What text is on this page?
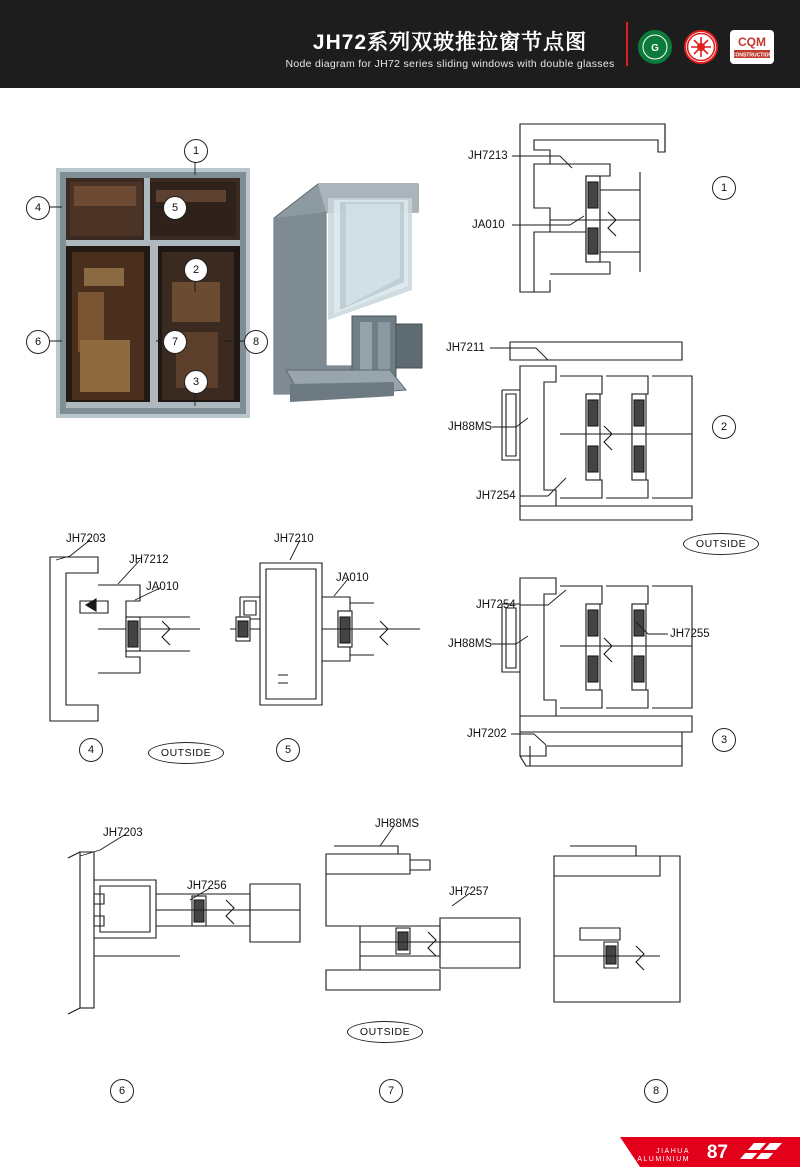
JH72系列双玻推拉窗节点图
Node diagram for JH72 series sliding windows with double glasses
G	CQM
CONSTRUCTION
JH7213
JA010
JH7211
JH88MS
JH7254
JH7254
JH88MS
JH7255
JH7202
JH7203
JH7212
JA010
JH7210
JA010
JH7203
JH7256
JH88MS
JH7257
1
4	5
2
6	7	8
3
1
2
3
4	5
6	7	8
OUTSIDE
OUTSIDE
OUTSIDE
JIAHUA
ALUMINIUM 87
